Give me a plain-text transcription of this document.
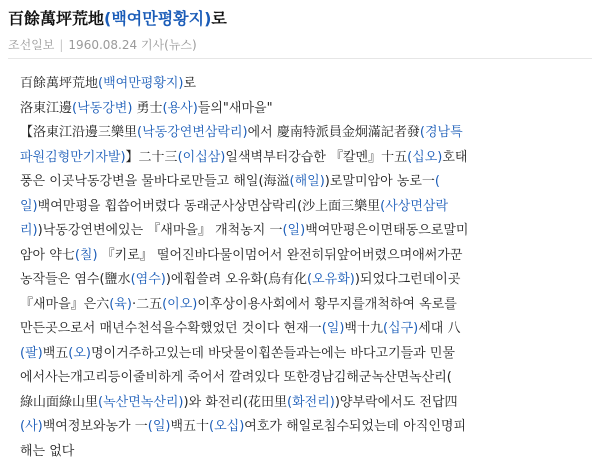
百餘萬坪荒地(백여만평황지)로
조선일보 | 1960.08.24 기사(뉴스)
百餘萬坪荒地(백여만평황지)로
洛東江邊(낙동강변) 勇士(용사)들의"새마을"
【洛東江沿邊三樂里(낙동강연변삼락리)에서 慶南特派員金炯滿記者發(경남특
파원김형만기자발)】二十三(이십삼)일색벽부터강습한 『칼멘』十五(십오)호태
풍은 이곳낙동강변을 물바다로만들고 해일(海溢(해일))로말미암아 농로一(
일)백여만평을 휩씁어버렸다 동래군사상면삼락리(沙上面三樂里(사상면삼락
리))낙동강연변에있는 『새마을』 개척농지 一(일)백여만평은이면태동으로말미
암아 약七(칠) 『키로』 떨어진바다물이멈어서 완전히뒤앞어버렸으며애써가꾼
농작들은 염수(鹽水(염수))에휩쓸려 오유화(烏有化(오유화))되었다그런데이곳
『새마을』은六(육)·二五(이오)이후상이용사회에서 황무지를개척하여 옥로를
만든곳으로서 매년수천석을수확했었던 것이다 현재一(일)백十九(십구)세대 八
(팔)백五(오)명이거주하고있는데 바닷물이휩쏜들과는에는 바다고기들과 민물
에서사는개고리등이줄비하게 죽어서 깔려있다 또한경남김해군녹산면녹산리(
綠山面綠山里(녹산면녹산리))와 화전리(花田里(화전리))양부락에서도 전답四
(사)백여정보와농가 一(일)백五十(오십)여호가 해일로침수되었는데 아직인명피
해는 없다
